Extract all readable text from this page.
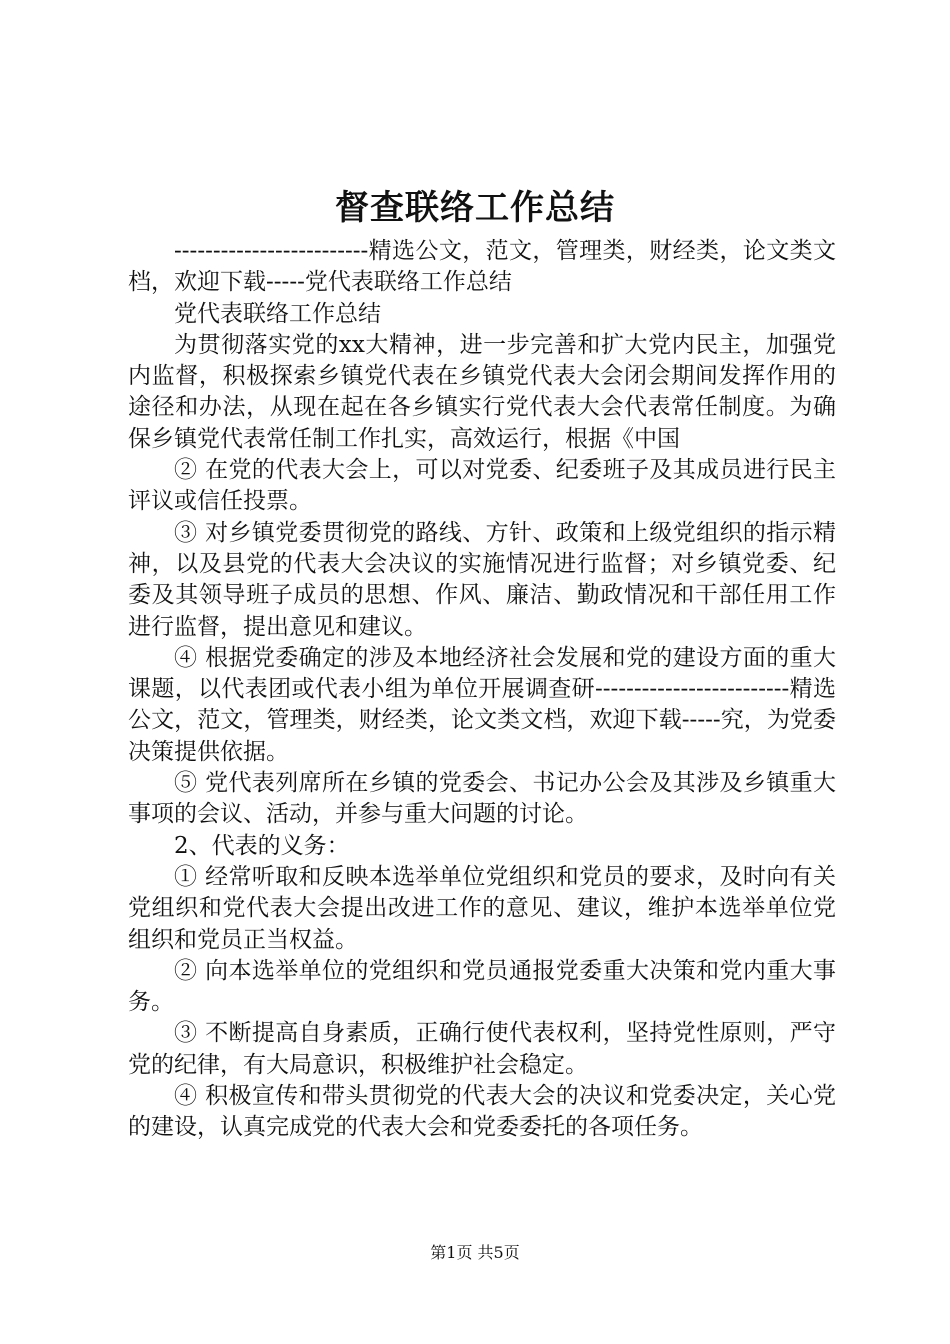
督查联络工作总结

-------------------------精选公文，范文，管理类，财经类，论文类文档，欢迎下载-----党代表联络工作总结

党代表联络工作总结

为贯彻落实党的xx大精神，进一步完善和扩大党内民主，加强党内监督，积极探索乡镇党代表在乡镇党代表大会闭会期间发挥作用的途径和办法，从现在起在各乡镇实行党代表大会代表常任制度。为确保乡镇党代表常任制工作扎实，高效运行，根据《中国

② 在党的代表大会上，可以对党委、纪委班子及其成员进行民主评议或信任投票。

③ 对乡镇党委贯彻党的路线、方针、政策和上级党组织的指示精神，以及县党的代表大会决议的实施情况进行监督；对乡镇党委、纪委及其领导班子成员的思想、作风、廉洁、勤政情况和干部任用工作进行监督，提出意见和建议。

④ 根据党委确定的涉及本地经济社会发展和党的建设方面的重大课题，以代表团或代表小组为单位开展调查研-------------------------精选公文，范文，管理类，财经类，论文类文档，欢迎下载-----究，为党委决策提供依据。

⑤ 党代表列席所在乡镇的党委会、书记办公会及其涉及乡镇重大事项的会议、活动，并参与重大问题的讨论。

2、代表的义务：

① 经常听取和反映本选举单位党组织和党员的要求，及时向有关党组织和党代表大会提出改进工作的意见、建议，维护本选举单位党组织和党员正当权益。

② 向本选举单位的党组织和党员通报党委重大决策和党内重大事务。

③ 不断提高自身素质，正确行使代表权利，坚持党性原则，严守党的纪律，有大局意识，积极维护社会稳定。

④ 积极宣传和带头贯彻党的代表大会的决议和党委决定，关心党的建设，认真完成党的代表大会和党委委托的各项任务。

第1页 共5页
